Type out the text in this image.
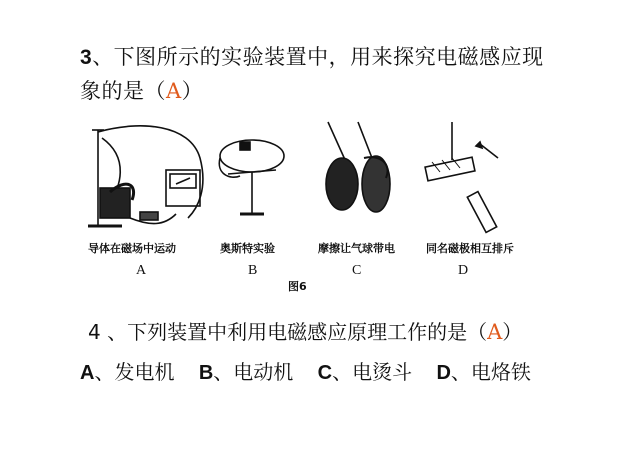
3、下图所示的实验装置中，用来探究电磁感应现
象的是（A）
导体在磁场中运动	奥斯特实验	摩擦让气球带电	同名磁极相互排斥
A	B	C	D
图6
4 、下列装置中利用电磁感应原理工作的是（A）
A、发电机 B、电动机 C、电烫斗 D、电烙铁
